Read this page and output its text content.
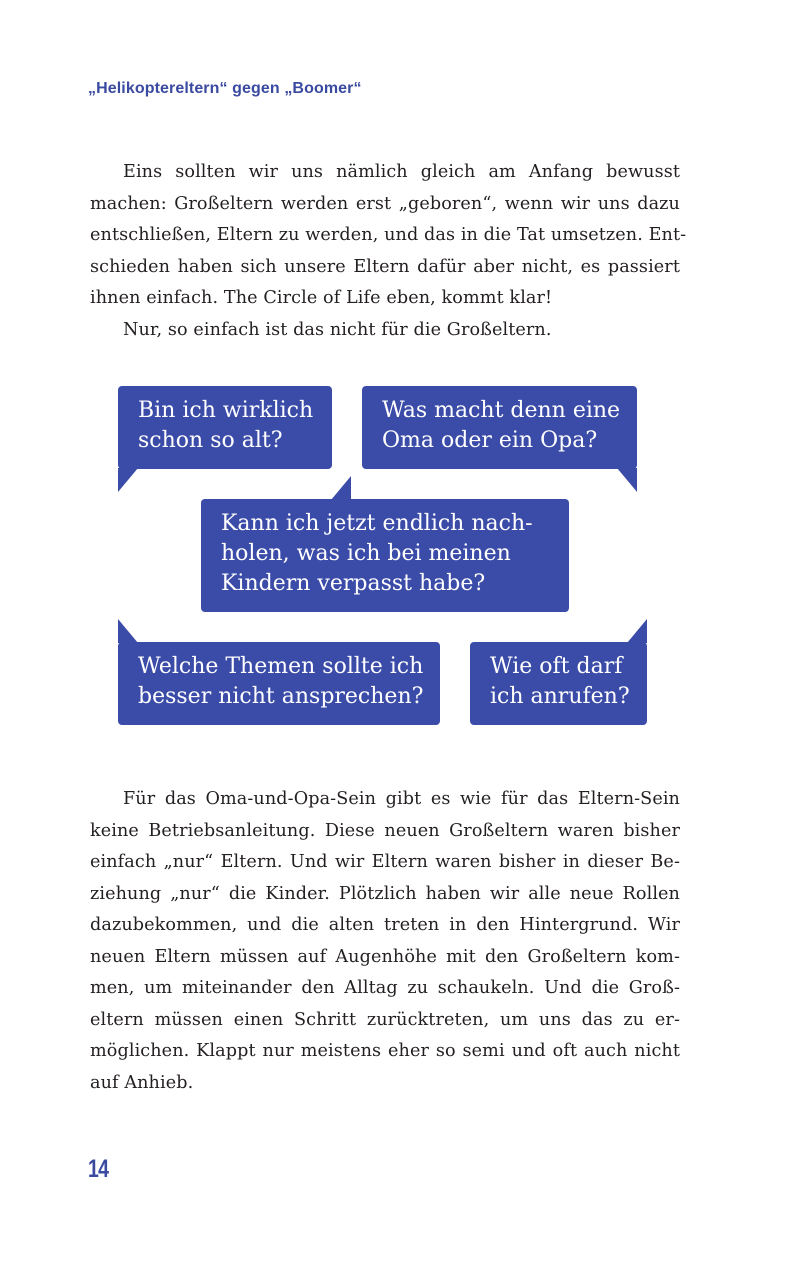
„Helikoptereltern“ gegen „Boomer“
Eins sollten wir uns nämlich gleich am Anfang bewusst
machen: Großeltern werden erst „geboren“, wenn wir uns dazu
entschließen, Eltern zu werden, und das in die Tat umsetzen. Ent-
schieden haben sich unsere Eltern dafür aber nicht, es passiert
ihnen einfach. The Circle of Life eben, kommt klar!
Nur, so einfach ist das nicht für die Großeltern.
Bin ich wirklich
schon so alt?
Was macht denn eine
Oma oder ein Opa?
Kann ich jetzt endlich nach-
holen, was ich bei meinen
Kindern verpasst habe?
Welche Themen sollte ich
besser nicht ansprechen?
Wie oft darf
ich anrufen?
Für das Oma-und-Opa-Sein gibt es wie für das Eltern-Sein
keine Betriebsanleitung. Diese neuen Großeltern waren bisher
einfach „nur“ Eltern. Und wir Eltern waren bisher in dieser Be-
ziehung „nur“ die Kinder. Plötzlich haben wir alle neue Rollen
dazubekommen, und die alten treten in den Hintergrund. Wir
neuen Eltern müssen auf Augenhöhe mit den Großeltern kom-
men, um miteinander den Alltag zu schaukeln. Und die Groß-
eltern müssen einen Schritt zurücktreten, um uns das zu er-
möglichen. Klappt nur meistens eher so semi und oft auch nicht
auf Anhieb.
14
